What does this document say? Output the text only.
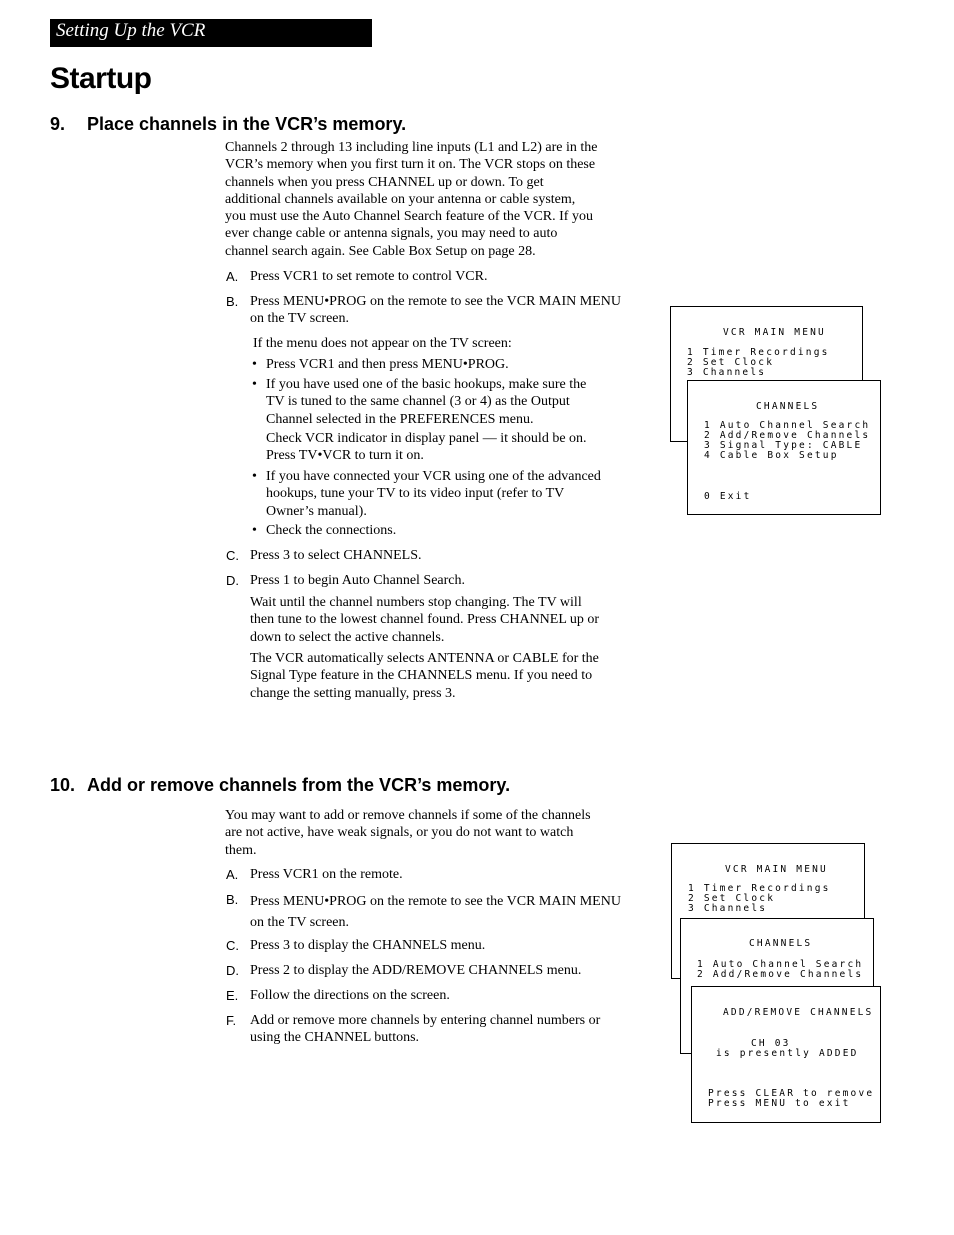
Setting Up the VCR
Startup
9. Place channels in the VCR’s memory.
Channels 2 through 13 including line inputs (L1 and L2) are in the
VCR’s memory when you first turn it on. The VCR stops on these
channels when you press CHANNEL up or down. To get
additional channels available on your antenna or cable system,
you must use the Auto Channel Search feature of the VCR. If you
ever change cable or antenna signals, you may need to auto
channel search again. See Cable Box Setup on page 28.
A. Press VCR1 to set remote to control VCR.
B. Press MENU•PROG on the remote to see the VCR MAIN MENU
on the TV screen.
If the menu does not appear on the TV screen:
• Press VCR1 and then press MENU•PROG.
• If you have used one of the basic hookups, make sure the
TV is tuned to the same channel (3 or 4) as the Output
Channel selected in the PREFERENCES menu.
Check VCR indicator in display panel — it should be on.
Press TV•VCR to turn it on.
• If you have connected your VCR using one of the advanced
hookups, tune your TV to its video input (refer to TV
Owner’s manual).
• Check the connections.
C. Press 3 to select CHANNELS.
D. Press 1 to begin Auto Channel Search.
Wait until the channel numbers stop changing. The TV will
then tune to the lowest channel found. Press CHANNEL up or
down to select the active channels.
The VCR automatically selects ANTENNA or CABLE for the
Signal Type feature in the CHANNELS menu. If you need to
change the setting manually, press 3.
VCR MAIN MENU
1 Timer Recordings
2 Set Clock
3 Channels
CHANNELS
1 Auto Channel Search
2 Add/Remove Channels
3 Signal Type: CABLE
4 Cable Box Setup
0 Exit
10. Add or remove channels from the VCR’s memory.
You may want to add or remove channels if some of the channels
are not active, have weak signals, or you do not want to watch
them.
A. Press VCR1 on the remote.
B. Press MENU•PROG on the remote to see the VCR MAIN MENU
on the TV screen.
C. Press 3 to display the CHANNELS menu.
D. Press 2 to display the ADD/REMOVE CHANNELS menu.
E. Follow the directions on the screen.
F. Add or remove more channels by entering channel numbers or
using the CHANNEL buttons.
VCR MAIN MENU
1 Timer Recordings
2 Set Clock
3 Channels
CHANNELS
1 Auto Channel Search
2 Add/Remove Channels
ADD/REMOVE CHANNELS
CH 03
is presently ADDED
Press CLEAR to remove
Press MENU to exit
